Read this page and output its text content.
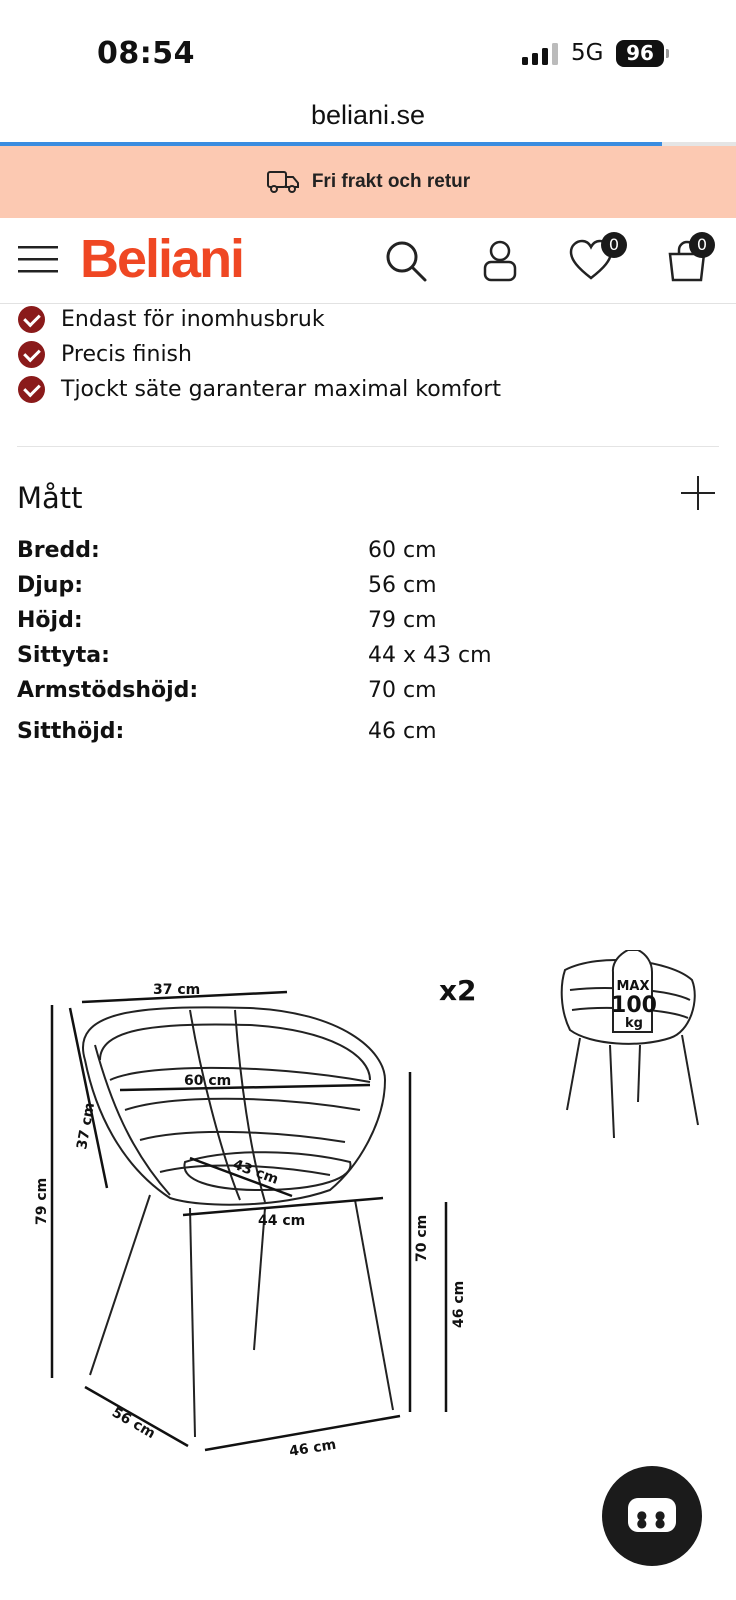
08:54	5G	96
beliani.se
Fri frakt och retur
Beliani	0	0
Endast för inomhusbruk
Precis finish
Tjockt säte garanterar maximal komfort
Mått
Bredd:	60 cm
Djup:	56 cm
Höjd:	79 cm
Sittyta:	44 x 43 cm
Armstödshöjd:	70 cm
Sitthöjd:	46 cm
37 cm
37 cm
60 cm
43 cm
44 cm
79 cm
70 cm
46 cm
56 cm
46 cm
x2	MAX
100
kg
● ● ● ●
